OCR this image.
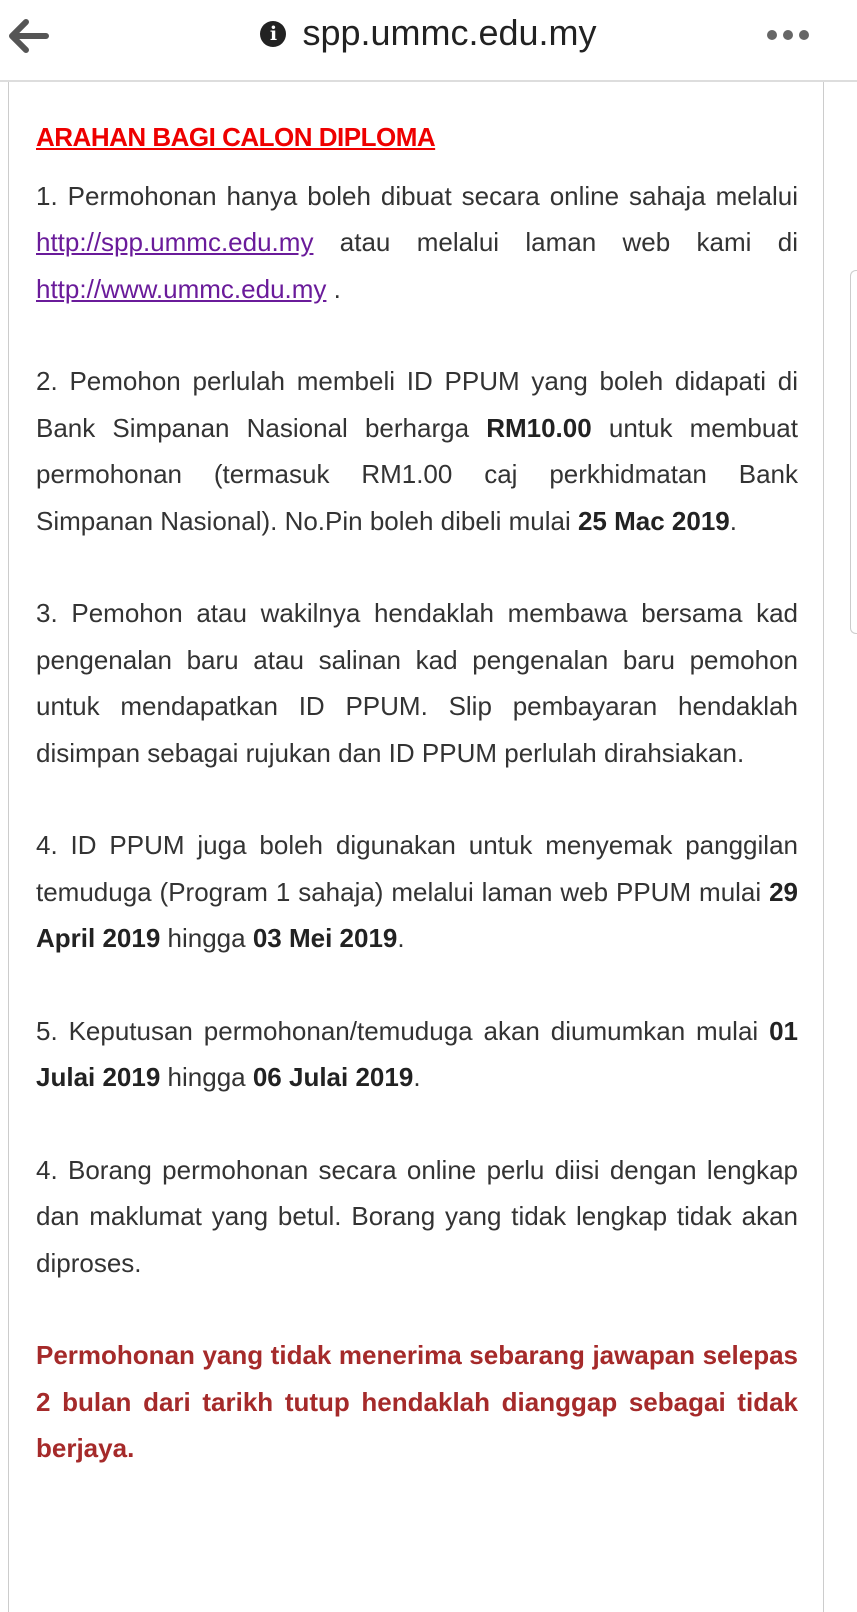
i spp.ummc.edu.my
ARAHAN BAGI CALON DIPLOMA

1. Permohonan hanya boleh dibuat secara online sahaja melalui http://spp.ummc.edu.my atau melalui laman web kami di http://www.ummc.edu.my .

2. Pemohon perlulah membeli ID PPUM yang boleh didapati di Bank Simpanan Nasional berharga RM10.00 untuk membuat permohonan (termasuk RM1.00 caj perkhidmatan Bank Simpanan Nasional). No.Pin boleh dibeli mulai 25 Mac 2019.

3. Pemohon atau wakilnya hendaklah membawa bersama kad pengenalan baru atau salinan kad pengenalan baru pemohon untuk mendapatkan ID PPUM. Slip pembayaran hendaklah disimpan sebagai rujukan dan ID PPUM perlulah dirahsiakan.

4. ID PPUM juga boleh digunakan untuk menyemak panggilan temuduga (Program 1 sahaja) melalui laman web PPUM mulai 29 April 2019 hingga 03 Mei 2019.

5. Keputusan permohonan/temuduga akan diumumkan mulai 01 Julai 2019 hingga 06 Julai 2019.

4. Borang permohonan secara online perlu diisi dengan lengkap dan maklumat yang betul. Borang yang tidak lengkap tidak akan diproses.

Permohonan yang tidak menerima sebarang jawapan selepas 2 bulan dari tarikh tutup hendaklah dianggap sebagai tidak berjaya.
